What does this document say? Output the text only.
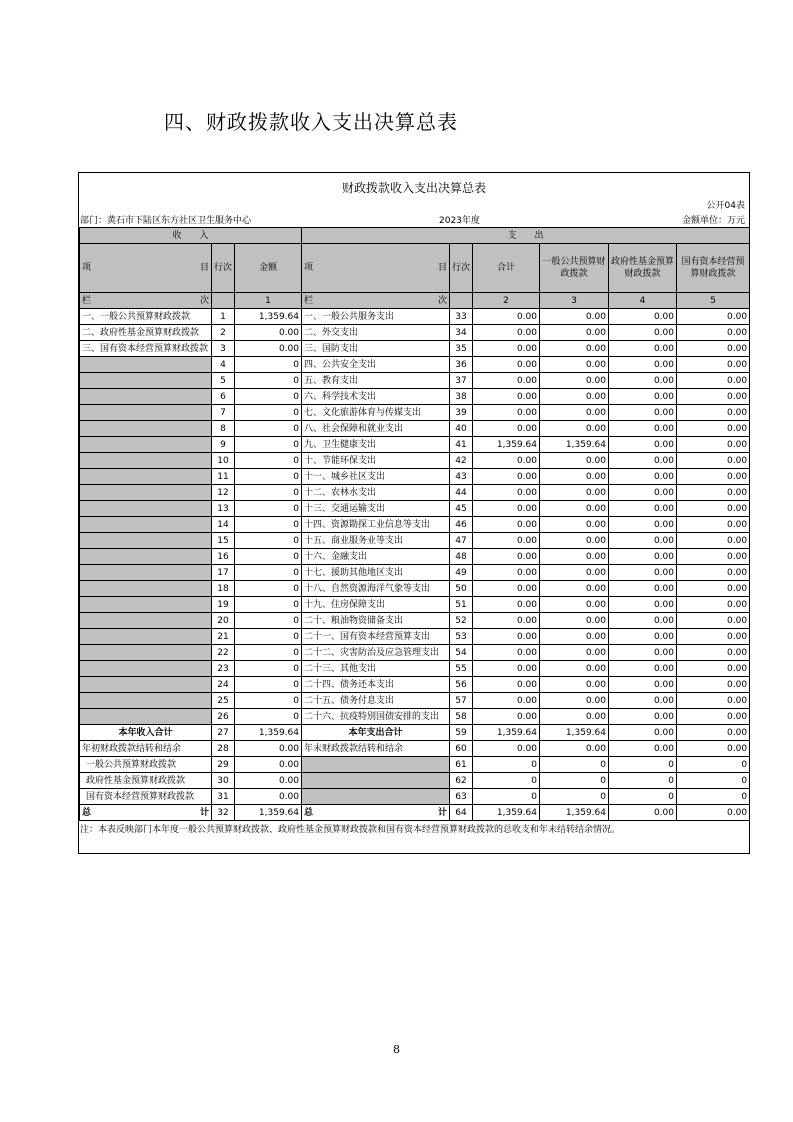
四、财政拨款收入支出决算总表
财政拨款收入支出决算总表
公开04表
部门：黄石市下陆区东方社区卫生服务中心	2023年度	金额单位：万元
收　　入			支　　出					

项 目	行次	金额	项 目	行次	合计	一般公共预算财政拨款	政府性基金预算财政拨款	国有资本经营预算财政拨款

栏 次		1	栏 次		2	3	4	5
一、一般公共预算财政拨款	1	1,359.64	一、一般公共服务支出	33	0.00	0.00	0.00	0.00
二、政府性基金预算财政拨款	2	0.00	二、外交支出	34	0.00	0.00	0.00	0.00
三、国有资本经营预算财政拨款	3	0.00	三、国防支出	35	0.00	0.00	0.00	0.00
	4	0	四、公共安全支出	36	0.00	0.00	0.00	0.00
	5	0	五、教育支出	37	0.00	0.00	0.00	0.00
	6	0	六、科学技术支出	38	0.00	0.00	0.00	0.00
	7	0	七、文化旅游体育与传媒支出	39	0.00	0.00	0.00	0.00
	8	0	八、社会保障和就业支出	40	0.00	0.00	0.00	0.00
	9	0	九、卫生健康支出	41	1,359.64	1,359.64	0.00	0.00
	10	0	十、节能环保支出	42	0.00	0.00	0.00	0.00
	11	0	十一、城乡社区支出	43	0.00	0.00	0.00	0.00
	12	0	十二、农林水支出	44	0.00	0.00	0.00	0.00
	13	0	十三、交通运输支出	45	0.00	0.00	0.00	0.00
	14	0	十四、资源勘探工业信息等支出	46	0.00	0.00	0.00	0.00
	15	0	十五、商业服务业等支出	47	0.00	0.00	0.00	0.00
	16	0	十六、金融支出	48	0.00	0.00	0.00	0.00
	17	0	十七、援助其他地区支出	49	0.00	0.00	0.00	0.00
	18	0	十八、自然资源海洋气象等支出	50	0.00	0.00	0.00	0.00
	19	0	十九、住房保障支出	51	0.00	0.00	0.00	0.00
	20	0	二十、粮油物资储备支出	52	0.00	0.00	0.00	0.00
	21	0	二十一、国有资本经营预算支出	53	0.00	0.00	0.00	0.00
	22	0	二十二、灾害防治及应急管理支出	54	0.00	0.00	0.00	0.00
	23	0	二十三、其他支出	55	0.00	0.00	0.00	0.00
	24	0	二十四、债务还本支出	56	0.00	0.00	0.00	0.00
	25	0	二十五、债务付息支出	57	0.00	0.00	0.00	0.00
	26	0	二十六、抗疫特别国债安排的支出	58	0.00	0.00	0.00	0.00
本年收入合计	27	1,359.64	本年支出合计	59	1,359.64	1,359.64	0.00	0.00
年初财政拨款结转和结余	28	0.00	年末财政拨款结转和结余	60	0.00	0.00	0.00	0.00
一般公共预算财政拨款	29	0.00		61	0	0	0	0
政府性基金预算财政拨款	30	0.00		62	0	0	0	0
国有资本经营预算财政拨款	31	0.00		63	0	0	0	0

总 计	32	1,359.64	总 计	64	1,359.64	1,359.64	0.00	0.00
注：本表反映部门本年度一般公共预算财政拨款、政府性基金预算财政拨款和国有资本经营预算财政拨款的总收支和年末结转结余情况。
8
